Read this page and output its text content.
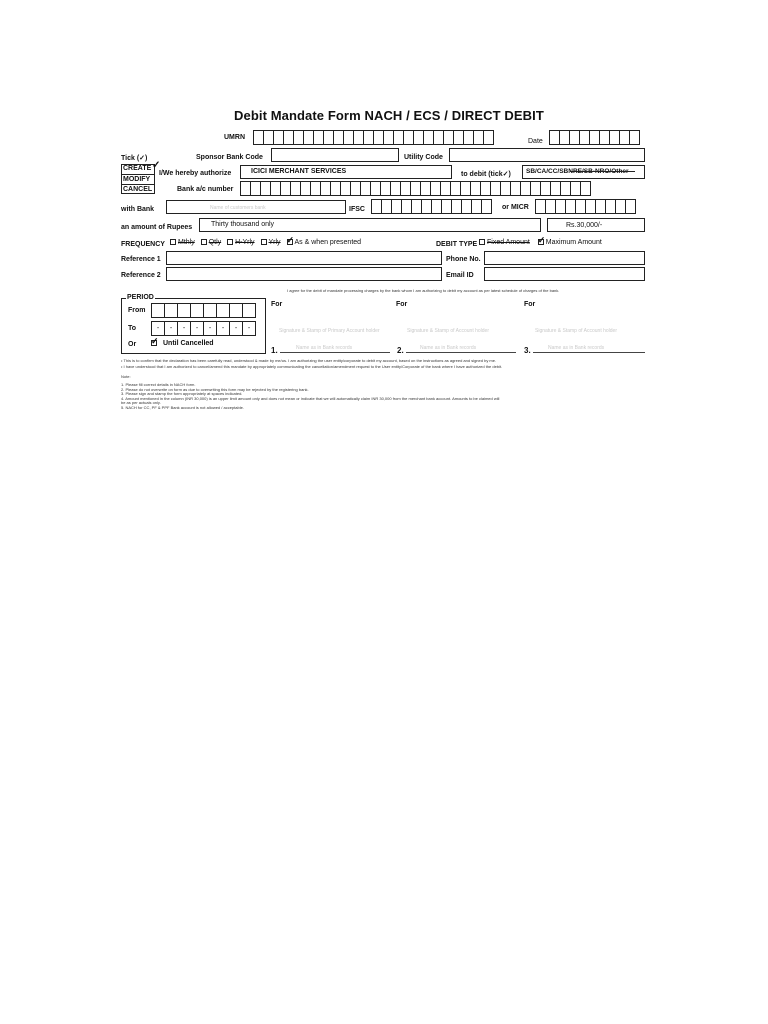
Debit Mandate Form NACH / ECS / DIRECT DEBIT
UMRN
Date
Tick (✓)	Sponsor Bank Code	Utility Code
CREATE ✓
MODIFY
CANCEL
I/We hereby authorize	ICICI MERCHANT SERVICES	to debit (tick✓) SB/CA/CC/SBNRE/SB-NRO/Other
Bank a/c number
with Bank	Name of customers bank	IFSC	or MICR
an amount of Rupees	Thirty thousand only	Rs.30,000/-
FREQUENCY	Mthly Qtly H-Yrly Yrly ✓ As & when presented	DEBIT TYPE	Fixed Amount ✓ Maximum Amount
Reference 1	Phone No.
Reference 2	Email ID
I agree for the debit of mandate processing charges by the bank whom I am authorizing to debit my account as per latest schedule of charges of the bank.
PERIOD
From
To	-	-	-	-	-	-	-	-
Or ✓	Until Cancelled
For	For	For
Signature & Stamp of Primary Account holder	Signature & Stamp of Account holder	Signature & Stamp of Account holder
1.	Name as in Bank records	2.	Name as in Bank records	3.	Name as in Bank records
• This is to confirm that the declaration has been carefully read, understood & made by me/us. I am authorizing the user entity/corporate to debit my account, based on the instructions as agreed and signed by me.
• I have understood that I am authorized to cancel/amend this mandate by appropriately communicating the cancellation/amendment request to the User entity/Corporate of the bank where I have authorized the debit.
Note:
1. Please fill correct details in NACH form.
2. Please do not overwrite on form as due to overwriting this form may be rejected by the registering bank.
3. Please sign and stamp the form appropriately at spaces indicated.
4. Amount mentioned in the column (INR 30,000) is an upper limit amount only and does not mean or indicate that we will automatically claim INR 30,000 from the merchant bank account. Amounts to be claimed will
be as per actuals only.
5. NACH for CC, PF & PPF Bank account is not allowed / acceptable.
